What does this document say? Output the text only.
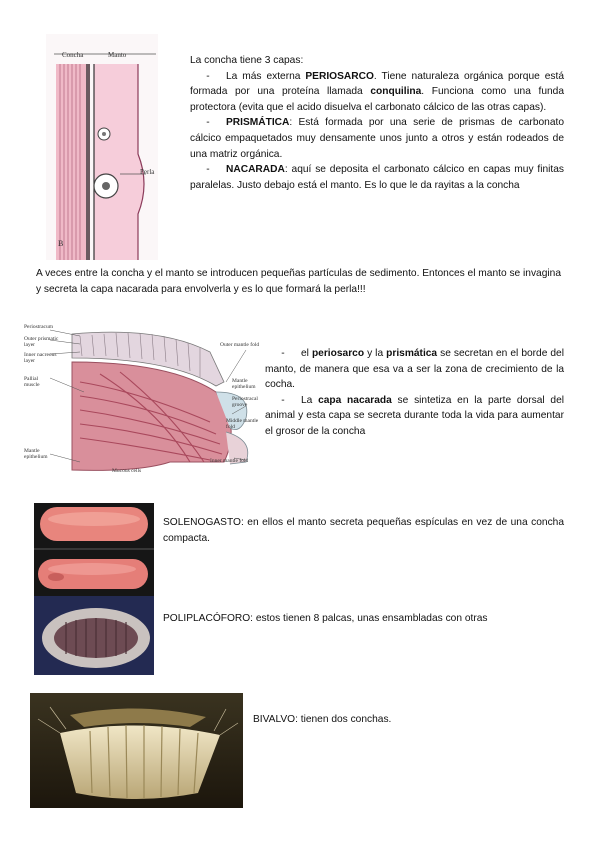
Concha	Manto
Perla
B

La concha tiene 3 capas:

- La más externa PERIOSARCO. Tiene naturaleza orgánica porque está formada por una proteína llamada conquilina. Funciona como una funda protectora (evita que el acido disuelva el carbonato cálcico de las otras capas).

- PRISMÁTICA: Está formada por una serie de prismas de carbonato cálcico empaquetados muy densamente unos junto a otros y están rodeados de una matriz orgánica.

- NACARADA: aquí se deposita el carbonato cálcico en capas muy finitas paralelas. Justo debajo está el manto. Es lo que le da rayitas a la concha

A veces entre la concha y el manto se introducen pequeñas partículas de sedimento. Entonces el manto se invagina y secreta la capa nacarada para envolverla y es lo que formará la perla!!!

Periostracum
Outer prismatic layer
Inner nacreous layer
Pallial muscle
Mantle epithelium
Outer mantle fold
Mantle epithelium
Periostracal groove
Middle mantle fold
Inner mantle fold
Mucous cells

- el periosarco y la prismática se secretan en el borde del manto, de manera que esa va a ser la zona de crecimiento de la cocha.

- La capa nacarada se sintetiza en la parte dorsal del animal y esta capa se secreta durante toda la vida para aumentar el grosor de la concha

SOLENOGASTO: en ellos el manto secreta pequeñas espículas en vez de una concha compacta.

POLIPLACÓFORO: estos tienen 8 palcas, unas ensambladas con otras

BIVALVO: tienen dos conchas.
